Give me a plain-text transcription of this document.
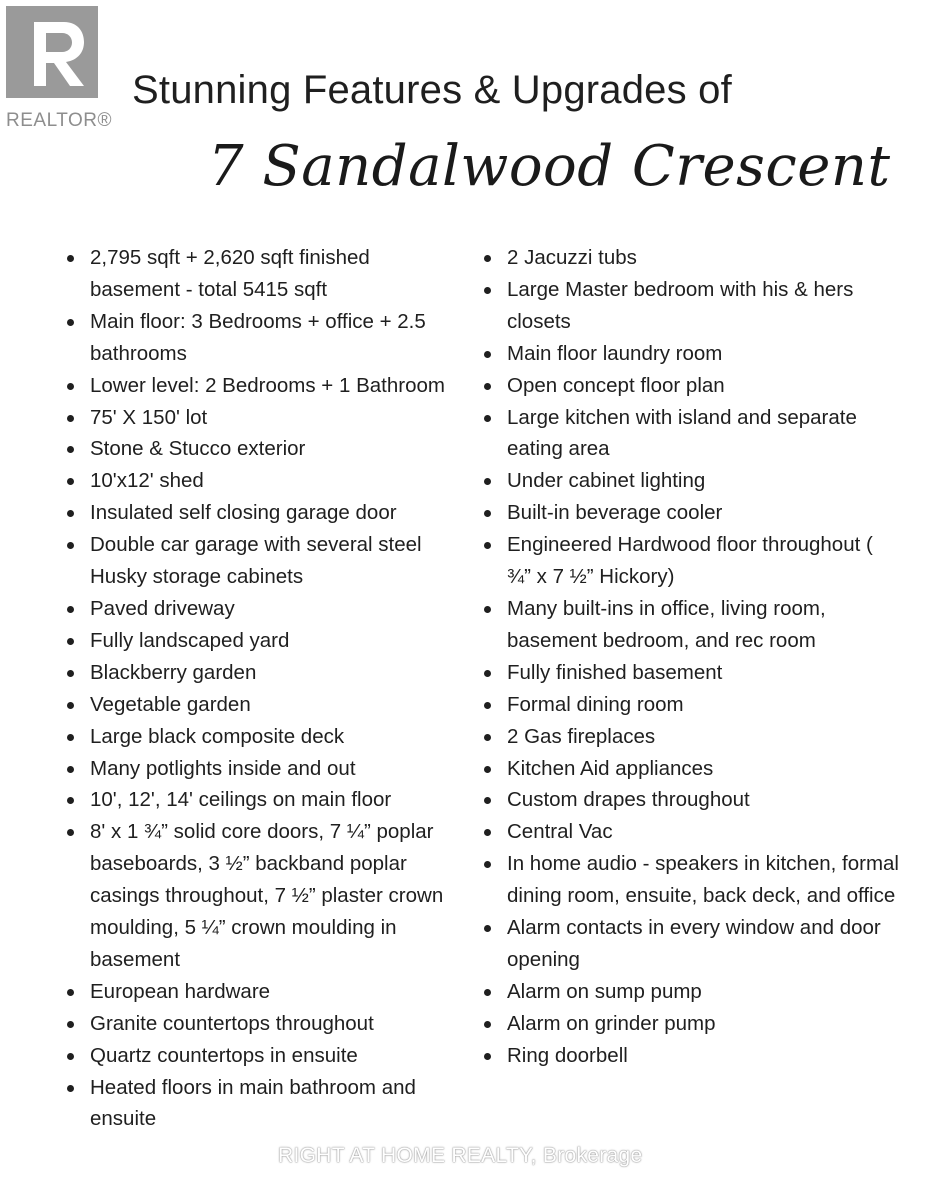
REALTOR®
Stunning Features & Upgrades of
7 Sandalwood Crescent
2,795 sqft + 2,620 sqft finished basement - total 5415 sqft
Main floor: 3 Bedrooms + office + 2.5 bathrooms
Lower level: 2 Bedrooms + 1 Bathroom
75' X 150' lot
Stone & Stucco exterior
10'x12' shed
Insulated self closing garage door
Double car garage with several steel Husky storage cabinets
Paved driveway
Fully landscaped yard
Blackberry garden
Vegetable garden
Large black composite deck
Many potlights inside and out
10', 12', 14' ceilings on main floor
8' x 1 ¾” solid core doors, 7 ¼” poplar baseboards, 3 ½” backband poplar casings throughout, 7 ½” plaster crown moulding, 5 ¼” crown moulding in basement
European hardware
Granite countertops throughout
Quartz countertops in ensuite
Heated floors in main bathroom and ensuite
2 Jacuzzi tubs
Large Master bedroom with his & hers closets
Main floor laundry room
Open concept floor plan
Large kitchen with island and separate eating area
Under cabinet lighting
Built-in beverage cooler
Engineered Hardwood floor throughout ( ¾” x 7 ½” Hickory)
Many built-ins in office, living room, basement bedroom, and rec room
Fully finished basement
Formal dining room
2 Gas fireplaces
Kitchen Aid appliances
Custom drapes throughout
Central Vac
In home audio - speakers in kitchen, formal dining room, ensuite, back deck, and office
Alarm contacts in every window and door opening
Alarm on sump pump
Alarm on grinder pump
Ring doorbell
RIGHT AT HOME REALTY, Brokerage
